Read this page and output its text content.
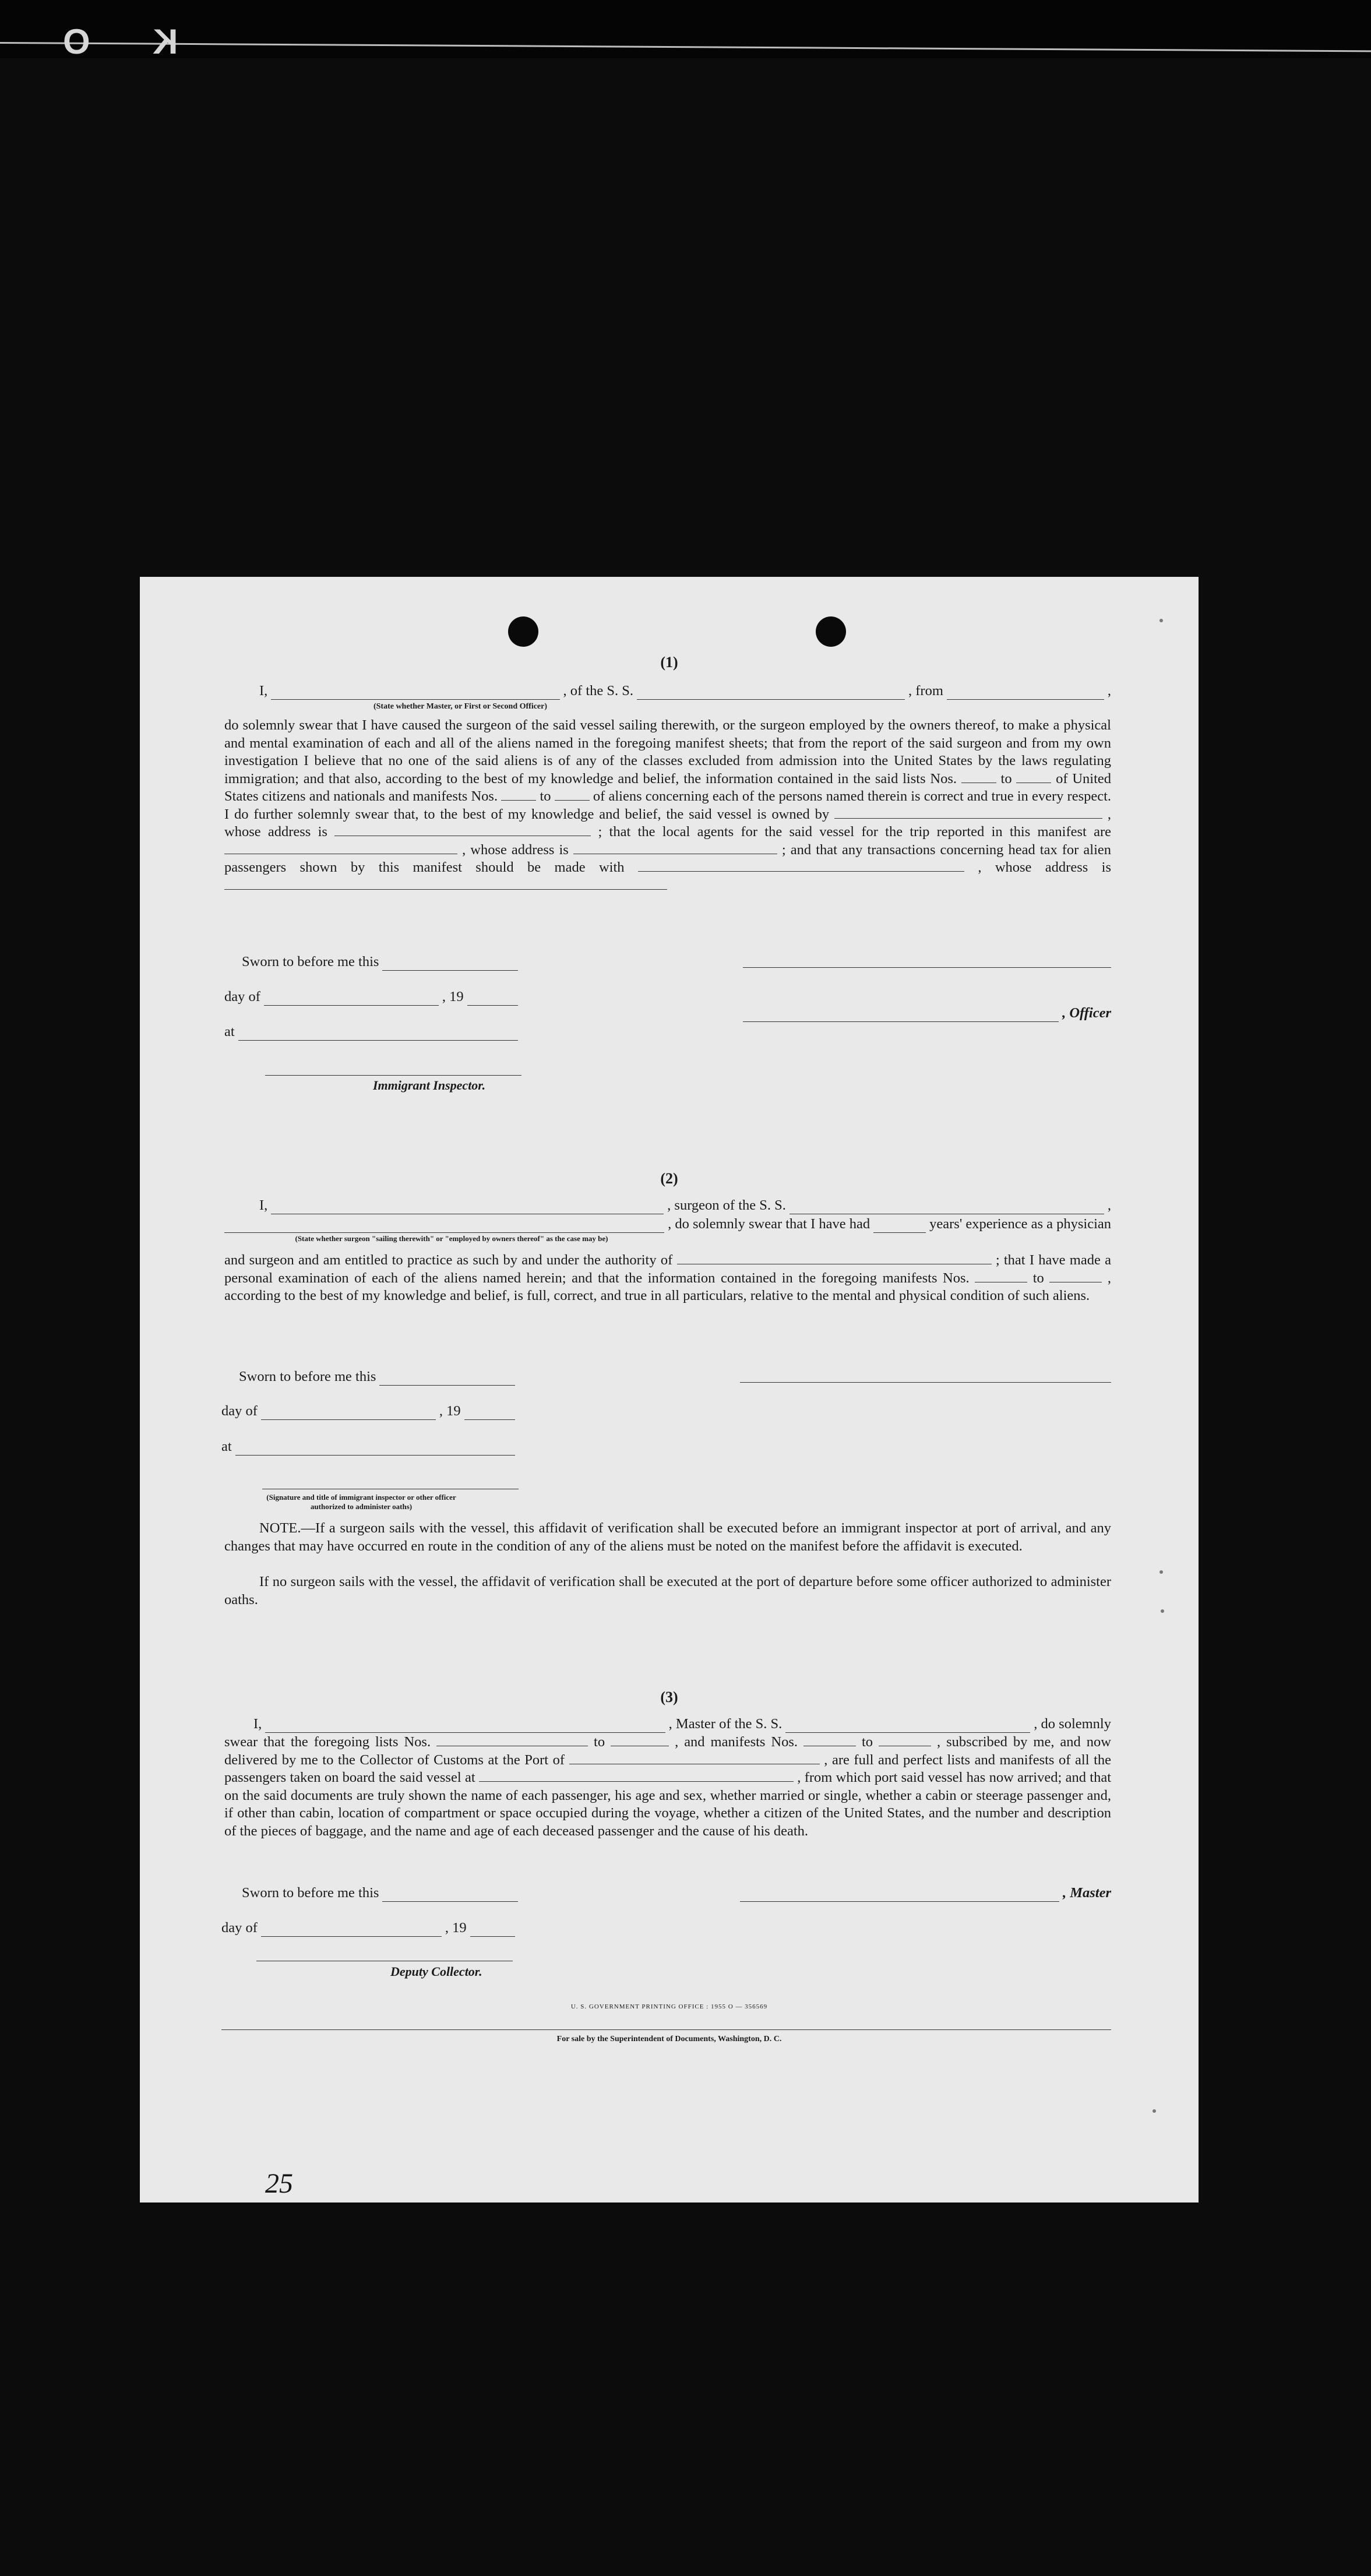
O K
(1)
I,	, of the S. S.	, from	,
(State whether Master, or First or Second Officer)
do solemnly swear that I have caused the surgeon of the said vessel sailing therewith, or the surgeon employed by the owners thereof, to make a physical and mental examination of each and all of the aliens named in the foregoing manifest sheets; that from the report of the said surgeon and from my own investigation I believe that no one of the said aliens is of any of the classes excluded from admission into the United States by the laws regulating immigration; and that also, according to the best of my knowledge and belief, the information contained in the said lists Nos.	to	of United States citizens and nationals and manifests Nos.	to	of aliens concerning each of the persons named therein is correct and true in every respect. I do further solemnly swear that, to the best of my knowledge and belief, the said vessel is owned by	, whose address is	; that the local agents for the said vessel for the trip reported in this manifest are  , whose address is	; and that any transactions concerning head tax for alien passengers shown by this manifest should be made with	, whose address is
Sworn to before me this
day of	, 19
, Officer
at
Immigrant Inspector.
(2)
I,	, surgeon of the S. S.	,
, do solemnly swear that I have had	years' experience as a physician
(State whether surgeon "sailing therewith" or "employed by owners thereof" as the case may be)
and surgeon and am entitled to practice as such by and under the authority of	; that I have made a personal examination of each of the aliens named herein; and that the information contained in the foregoing manifests Nos.	to	, according to the best of my knowledge and belief, is full, correct, and true in all particulars, relative to the mental and physical condition of such aliens.
Sworn to before me this
day of	, 19
at
(Signature and title of immigrant inspector or other officer authorized to administer oaths)
NOTE.—If a surgeon sails with the vessel, this affidavit of verification shall be executed before an immigrant inspector at port of arrival, and any changes that may have occurred en route in the condition of any of the aliens must be noted on the manifest before the affidavit is executed.
If no surgeon sails with the vessel, the affidavit of verification shall be executed at the port of departure before some officer authorized to administer oaths.
(3)
I,	, Master of the S. S.	, do solemnly
swear that the foregoing lists Nos.	to	, and manifests Nos.	to	, subscribed by me, and now delivered by me to the Collector of Customs at the Port of	, are full and perfect lists and manifests of all the passengers taken on board the said vessel at	, from which port said vessel has now arrived; and that on the said documents are truly shown the name of each passenger, his age and sex, whether married or single, whether a cabin or steerage passenger and, if other than cabin, location of compartment or space occupied during the voyage, whether a citizen of the United States, and the number and description of the pieces of baggage, and the name and age of each deceased passenger and the cause of his death.
Sworn to before me this	, Master
day of	, 19
Deputy Collector.
U. S. GOVERNMENT PRINTING OFFICE : 1955 O — 356569
For sale by the Superintendent of Documents, Washington, D. C.
25
